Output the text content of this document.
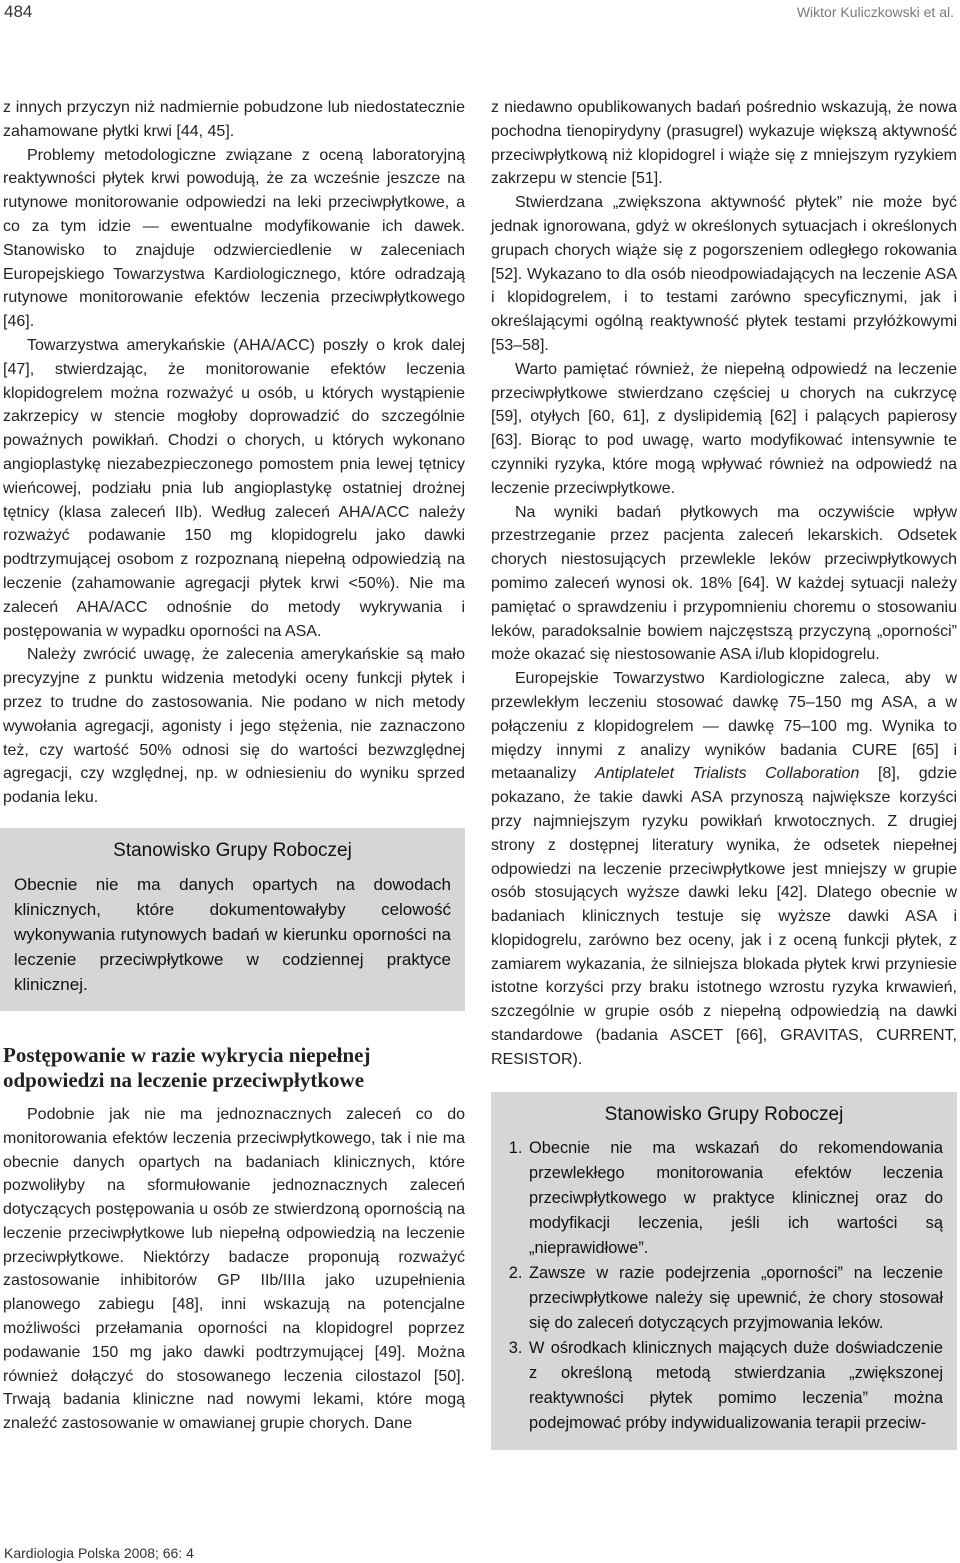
484	Wiktor Kuliczkowski et al.

z innych przyczyn niż nadmiernie pobudzone lub niedostatecznie zahamowane płytki krwi [44, 45].

Problemy metodologiczne związane z oceną laboratoryjną reaktywności płytek krwi powodują, że za wcześnie jeszcze na rutynowe monitorowanie odpowiedzi na leki przeciwpłytkowe, a co za tym idzie — ewentualne modyfikowanie ich dawek. Stanowisko to znajduje odzwierciedlenie w zaleceniach Europejskiego Towarzystwa Kardiologicznego, które odradzają rutynowe monitorowanie efektów leczenia przeciwpłytkowego [46].

Towarzystwa amerykańskie (AHA/ACC) poszły o krok dalej [47], stwierdzając, że monitorowanie efektów leczenia klopidogrelem można rozważyć u osób, u których wystąpienie zakrzepicy w stencie mogłoby doprowadzić do szczególnie poważnych powikłań. Chodzi o chorych, u których wykonano angioplastykę niezabezpieczonego pomostem pnia lewej tętnicy wieńcowej, podziału pnia lub angioplastykę ostatniej drożnej tętnicy (klasa zaleceń IIb). Według zaleceń AHA/ACC należy rozważyć podawanie 150 mg klopidogrelu jako dawki podtrzymującej osobom z rozpoznaną niepełną odpowiedzią na leczenie (zahamowanie agregacji płytek krwi <50%). Nie ma zaleceń AHA/ACC odnośnie do metody wykrywania i postępowania w wypadku oporności na ASA.

Należy zwrócić uwagę, że zalecenia amerykańskie są mało precyzyjne z punktu widzenia metodyki oceny funkcji płytek i przez to trudne do zastosowania. Nie podano w nich metody wywołania agregacji, agonisty i jego stężenia, nie zaznaczono też, czy wartość 50% odnosi się do wartości bezwzględnej agregacji, czy względnej, np. w odniesieniu do wyniku sprzed podania leku.

Stanowisko Grupy Roboczej

Obecnie nie ma danych opartych na dowodach klinicznych, które dokumentowałyby celowość wykonywania rutynowych badań w kierunku oporności na leczenie przeciwpłytkowe w codziennej praktyce klinicznej.

Postępowanie w razie wykrycia niepełnej odpowiedzi na leczenie przeciwpłytkowe

Podobnie jak nie ma jednoznacznych zaleceń co do monitorowania efektów leczenia przeciwpłytkowego, tak i nie ma obecnie danych opartych na badaniach klinicznych, które pozwoliłyby na sformułowanie jednoznacznych zaleceń dotyczących postępowania u osób ze stwierdzoną opornością na leczenie przeciwpłytkowe lub niepełną odpowiedzią na leczenie przeciwpłytkowe. Niektórzy badacze proponują rozważyć zastosowanie inhibitorów GP IIb/IIIa jako uzupełnienia planowego zabiegu [48], inni wskazują na potencjalne możliwości przełamania oporności na klopidogrel poprzez podawanie 150 mg jako dawki podtrzymującej [49]. Można również dołączyć do stosowanego leczenia cilostazol [50]. Trwają badania kliniczne nad nowymi lekami, które mogą znaleźć zastosowanie w omawianej grupie chorych. Dane

z niedawno opublikowanych badań pośrednio wskazują, że nowa pochodna tienopirydyny (prasugrel) wykazuje większą aktywność przeciwpłytkową niż klopidogrel i wiąże się z mniejszym ryzykiem zakrzepu w stencie [51].

Stwierdzana „zwiększona aktywność płytek” nie może być jednak ignorowana, gdyż w określonych sytuacjach i określonych grupach chorych wiąże się z pogorszeniem odległego rokowania [52]. Wykazano to dla osób nieodpowiadających na leczenie ASA i klopidogrelem, i to testami zarówno specyficznymi, jak i określającymi ogólną reaktywność płytek testami przyłóżkowymi [53–58].

Warto pamiętać również, że niepełną odpowiedź na leczenie przeciwpłytkowe stwierdzano częściej u chorych na cukrzycę [59], otyłych [60, 61], z dyslipidemią [62] i palących papierosy [63]. Biorąc to pod uwagę, warto modyfikować intensywnie te czynniki ryzyka, które mogą wpływać również na odpowiedź na leczenie przeciwpłytkowe.

Na wyniki badań płytkowych ma oczywiście wpływ przestrzeganie przez pacjenta zaleceń lekarskich. Odsetek chorych niestosujących przewlekle leków przeciwpłytkowych pomimo zaleceń wynosi ok. 18% [64]. W każdej sytuacji należy pamiętać o sprawdzeniu i przypomnieniu choremu o stosowaniu leków, paradoksalnie bowiem najczęstszą przyczyną „oporności” może okazać się niestosowanie ASA i/lub klopidogrelu.

Europejskie Towarzystwo Kardiologiczne zaleca, aby w przewlekłym leczeniu stosować dawkę 75–150 mg ASA, a w połączeniu z klopidogrelem — dawkę 75–100 mg. Wynika to między innymi z analizy wyników badania CURE [65] i metaanalizy Antiplatelet Trialists Collaboration [8], gdzie pokazano, że takie dawki ASA przynoszą największe korzyści przy najmniejszym ryzyku powikłań krwotocznych. Z drugiej strony z dostępnej literatury wynika, że odsetek niepełnej odpowiedzi na leczenie przeciwpłytkowe jest mniejszy w grupie osób stosujących wyższe dawki leku [42]. Dlatego obecnie w badaniach klinicznych testuje się wyższe dawki ASA i klopidogrelu, zarówno bez oceny, jak i z oceną funkcji płytek, z zamiarem wykazania, że silniejsza blokada płytek krwi przyniesie istotne korzyści przy braku istotnego wzrostu ryzyka krwawień, szczególnie w grupie osób z niepełną odpowiedzią na dawki standardowe (badania ASCET [66], GRAVITAS, CURRENT, RESISTOR).

Stanowisko Grupy Roboczej
1. Obecnie nie ma wskazań do rekomendowania przewlekłego monitorowania efektów leczenia przeciwpłytkowego w praktyce klinicznej oraz do modyfikacji leczenia, jeśli ich wartości są „nieprawidłowe”.
2. Zawsze w razie podejrzenia „oporności” na leczenie przeciwpłytkowe należy się upewnić, że chory stosował się do zaleceń dotyczących przyjmowania leków.
3. W ośrodkach klinicznych mających duże doświadczenie z określoną metodą stwierdzania „zwiększonej reaktywności płytek pomimo leczenia” można podejmować próby indywidualizowania terapii przeciw-
Kardiologia Polska 2008; 66: 4
